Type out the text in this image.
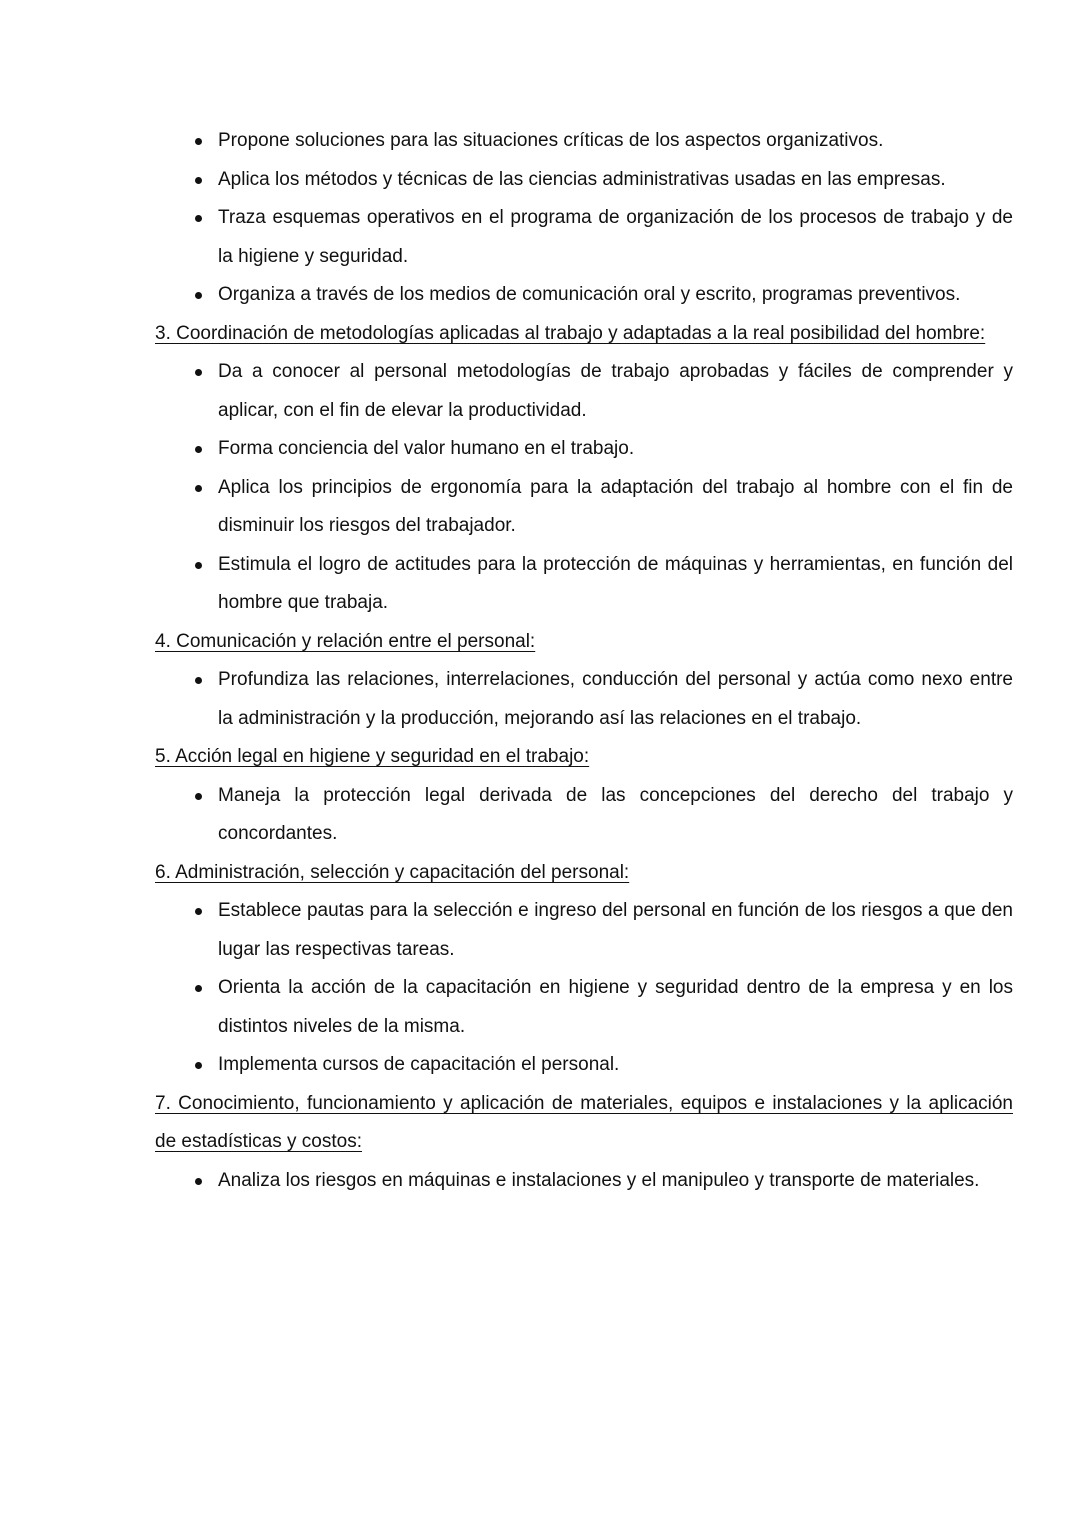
Propone soluciones para las situaciones críticas de los aspectos organizativos.
Aplica los métodos y técnicas de las ciencias administrativas usadas en las empresas.
Traza esquemas operativos en el programa de organización de los procesos de trabajo y de la higiene y seguridad.
Organiza a través de los medios de comunicación oral y escrito, programas preventivos.

3. Coordinación de metodologías aplicadas al trabajo y adaptadas a la real posibilidad del hombre:

Da a conocer al personal metodologías de trabajo aprobadas y fáciles de comprender y aplicar, con el fin de elevar la productividad.
Forma conciencia del valor humano en el trabajo.
Aplica los principios de ergonomía para la adaptación del trabajo al hombre con el fin de disminuir los riesgos del trabajador.
Estimula el logro de actitudes para la protección de máquinas y herramientas, en función del hombre que trabaja.

4. Comunicación y relación entre el personal:

Profundiza las relaciones, interrelaciones, conducción del personal y actúa como nexo entre la administración y la producción, mejorando así las relaciones en el trabajo.

5. Acción legal en higiene y seguridad en el trabajo:

Maneja la protección legal derivada de las concepciones del derecho del trabajo y concordantes.

6. Administración, selección y capacitación del personal:

Establece pautas para la selección e ingreso del personal en función de los riesgos a que den lugar las respectivas tareas.
Orienta la acción de la capacitación en higiene y seguridad dentro de la empresa y en los distintos niveles de la misma.
Implementa cursos de capacitación el personal.

7. Conocimiento, funcionamiento y aplicación de materiales, equipos e instalaciones y la aplicación de estadísticas y costos:

Analiza los riesgos en máquinas e instalaciones y el manipuleo y transporte de materiales.
